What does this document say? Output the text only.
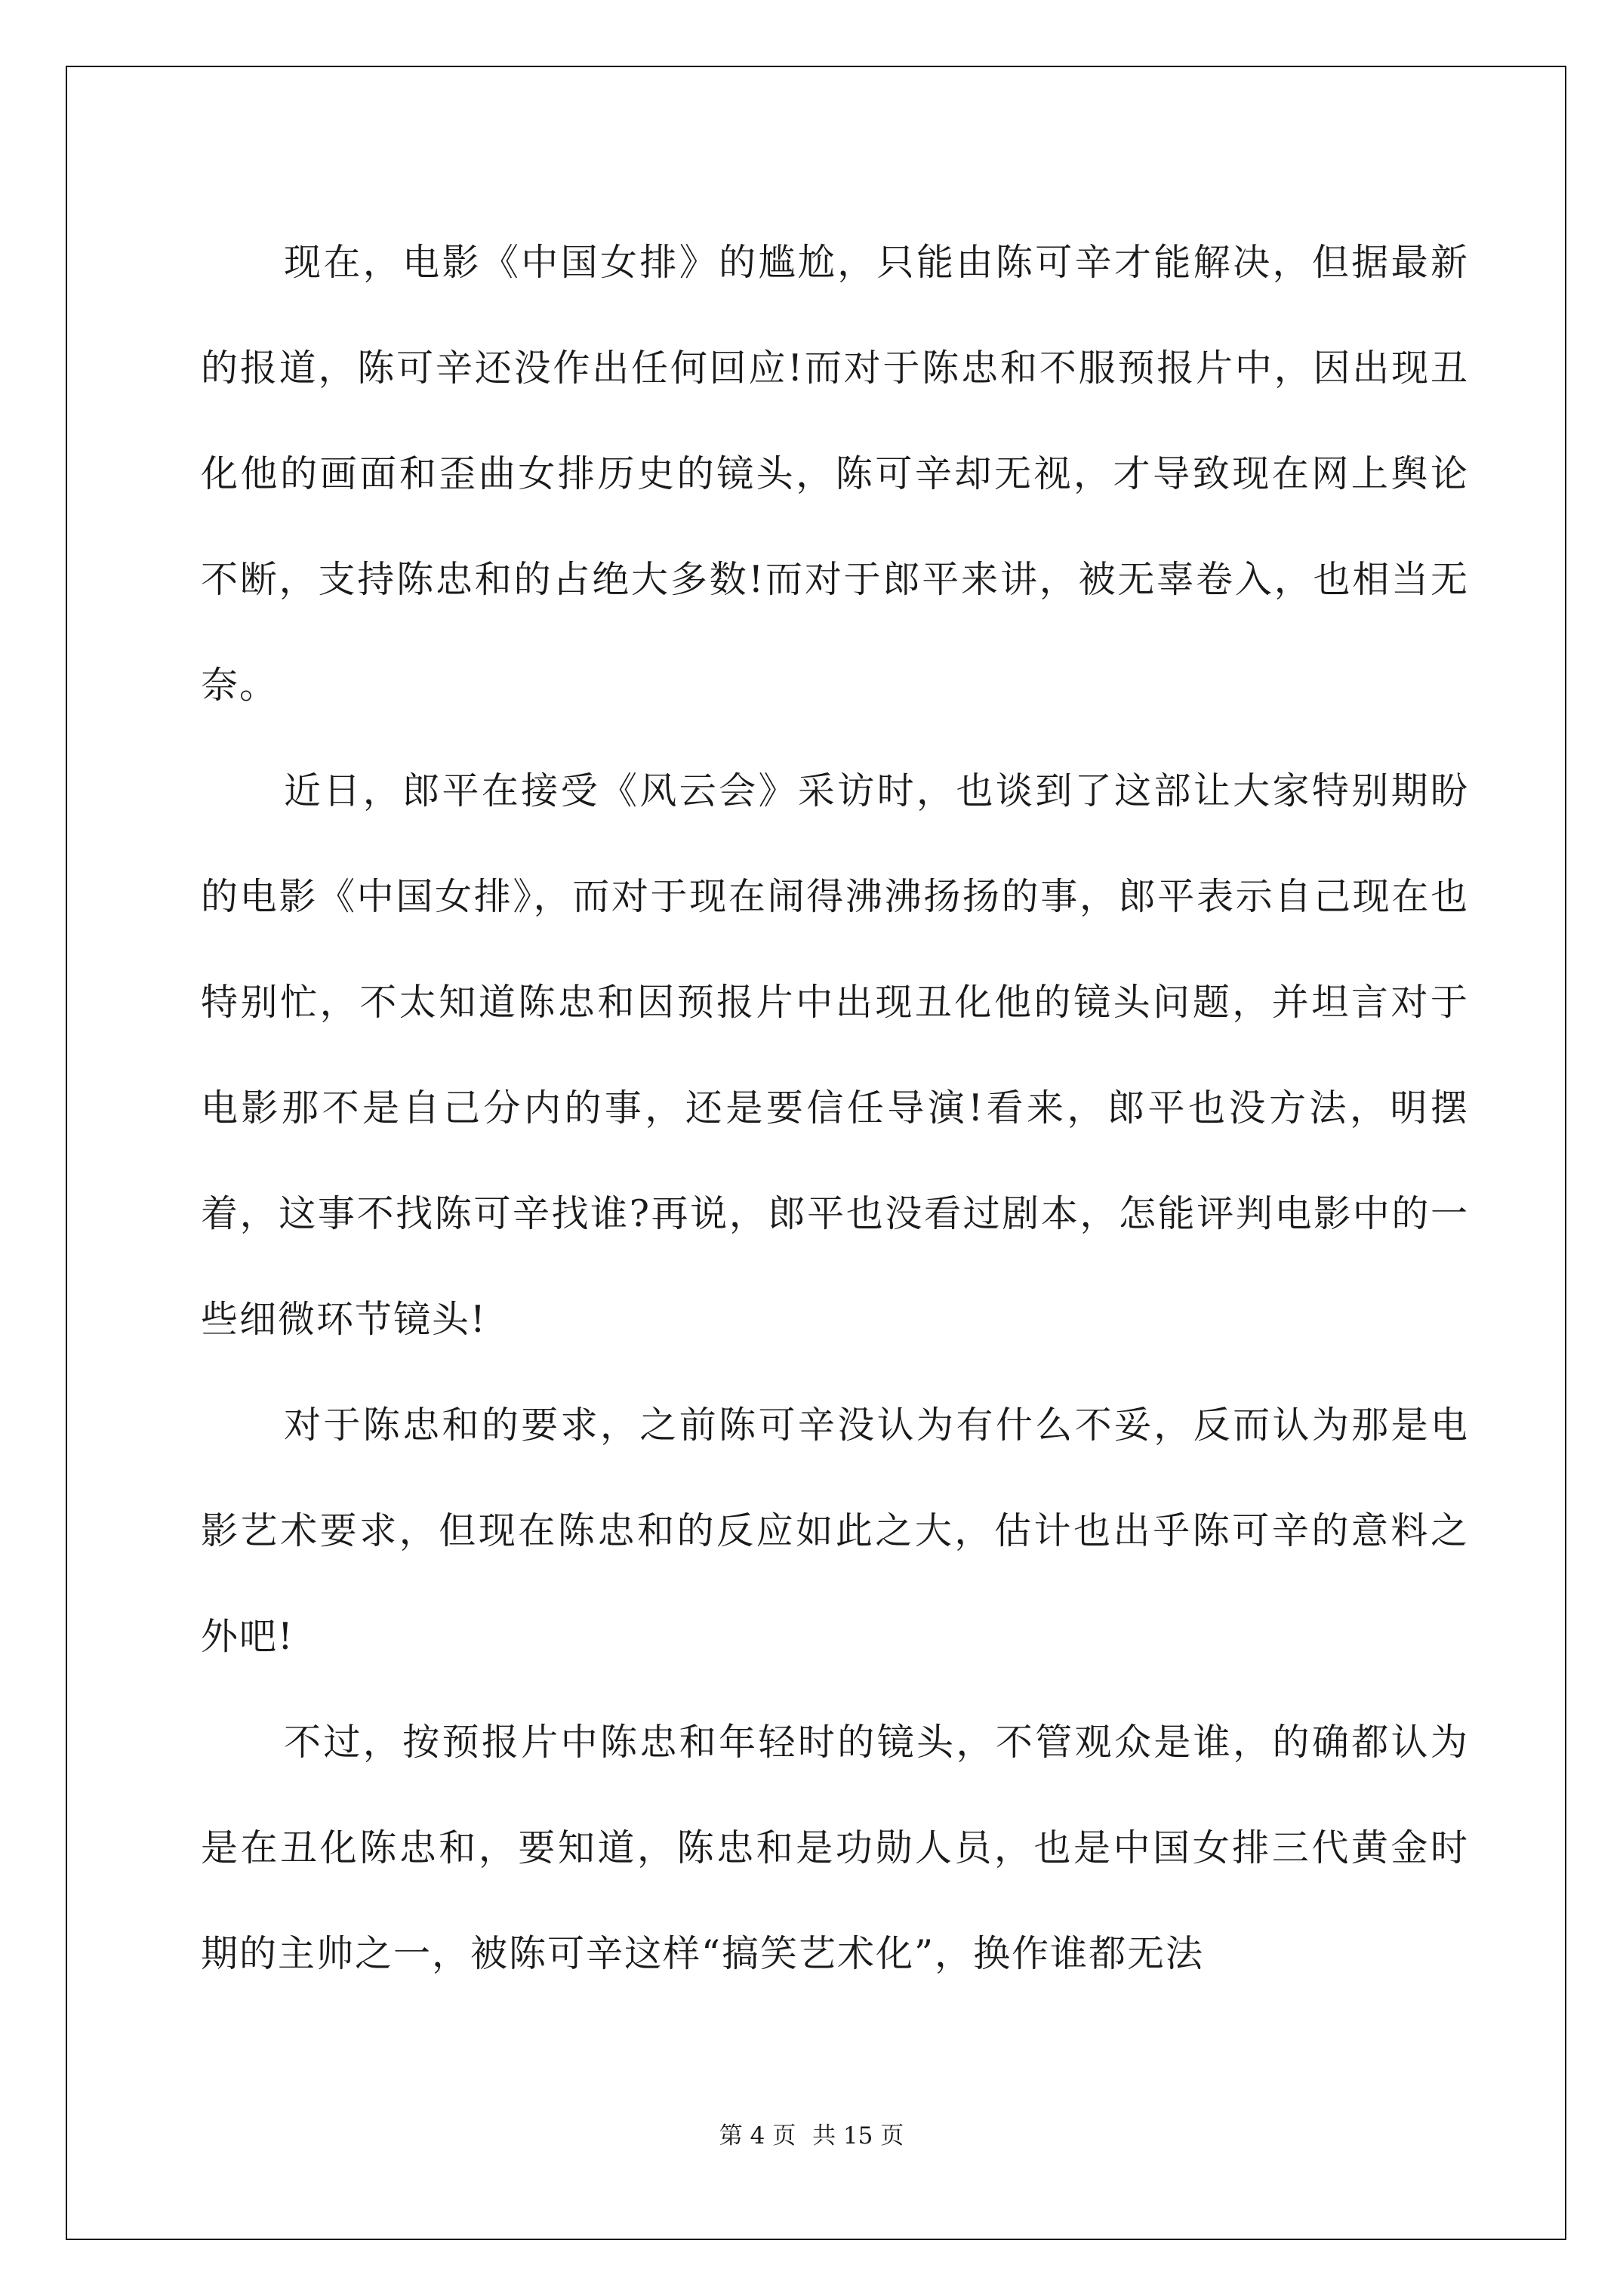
现在，电影《中国女排》的尴尬，只能由陈可辛才能解决，但据最新的报道，陈可辛还没作出任何回应!而对于陈忠和不服预报片中，因出现丑化他的画面和歪曲女排历史的镜头，陈可辛却无视，才导致现在网上舆论不断，支持陈忠和的占绝大多数!而对于郎平来讲，被无辜卷入，也相当无奈。

近日，郎平在接受《风云会》采访时，也谈到了这部让大家特别期盼的电影《中国女排》，而对于现在闹得沸沸扬扬的事，郎平表示自己现在也特别忙，不太知道陈忠和因预报片中出现丑化他的镜头问题，并坦言对于电影那不是自己分内的事，还是要信任导演!看来，郎平也没方法，明摆着，这事不找陈可辛找谁?再说，郎平也没看过剧本，怎能评判电影中的一些细微环节镜头!

对于陈忠和的要求，之前陈可辛没认为有什么不妥，反而认为那是电影艺术要求，但现在陈忠和的反应如此之大，估计也出乎陈可辛的意料之外吧!

不过，按预报片中陈忠和年轻时的镜头，不管观众是谁，的确都认为是在丑化陈忠和，要知道，陈忠和是功勋人员，也是中国女排三代黄金时期的主帅之一，被陈可辛这样“搞笑艺术化”，换作谁都无法

第 4 页 共 15 页
